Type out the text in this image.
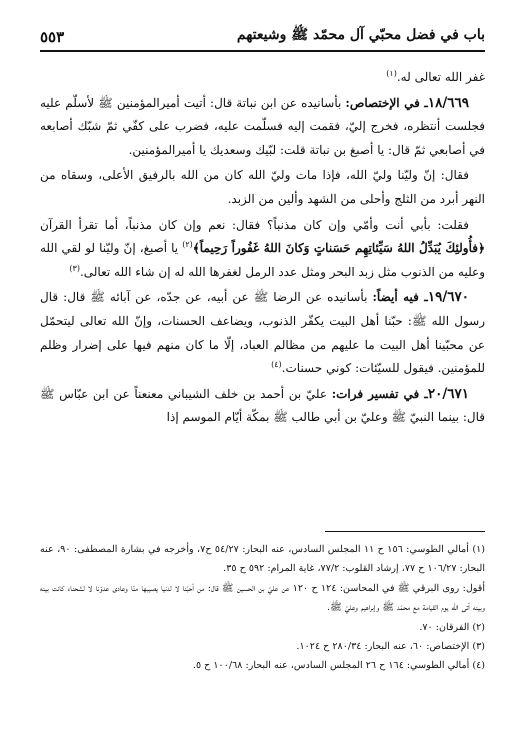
باب في فضل محبّي آل محمّد ﷺ وشيعتهم
٥٥٣

غفر الله تعالى له.$^{(١)}$

١٨/٦٦٩ـ في الإختصاص: بأسانيده عن ابن نباتة قال: أتيت أميرالمؤمنين ﷺ لأسلّم عليه فجلست أنتظره، فخرج إليّ، فقمت إليه فسلّمت عليه، فضرب على كفّي ثمّ شبّك أصابعه في أصابعي ثمّ قال: يا أصبغ بن نباتة قلت: لبّيك وسعديك يا أميرالمؤمنين.

فقال: إنّ وليّنا وليّ الله، فإذا مات وليّ الله كان من الله بالرفيق الأعلى، وسقاه من النهر أبرد من الثلج وأحلى من الشهد وألين من الزبد.

فقلت: بأبي أنت وأمّي وإن كان مذنباً؟ فقال: نعم وإن كان مذنباً، أما تقرأ القرآن ﴿فأُولئِكَ يُبَدِّلُ اللهُ سَيِّئاتِهِم حَسَناتٍ وَكانَ اللهُ غَفُوراً رَحِيماً﴾$^{(٢)}$ يا أصبغ، إنّ وليّنا لو لقي الله وعليه من الذنوب مثل زبد البحر ومثل عدد الرمل لغفرها الله له إن شاء الله تعالى.$^{(٣)}$

١٩/٦٧٠ـ فيه أيضاً: بأسانيده عن الرضا ﷺ عن أبيه، عن جدّه، عن آبائه ﷺ قال: قال رسول الله ﷺ: حبّنا أهل البيت يكفّر الذنوب، ويضاعف الحسنات، وإنّ الله تعالى ليتحمّل عن محبّينا أهل البيت ما عليهم من مظالم العباد، إلّا ما كان منهم فيها على إضرار وظلم للمؤمنين. فيقول للسيّئات: كوني حسنات.$^{(٤)}$

٢٠/٦٧١ـ في تفسير فرات: عليّ بن أحمد بن خلف الشيباني معنعناً عن ابن عبّاس ﷺ قال: بينما النبيّ ﷺ وعليّ بن أبي طالب ﷺ بمكّة أيّام الموسم إذا

(١) أمالي الطوسي: ١٥٦ ح ١١ المجلس السادس، عنه البحار: ٥٤/٢٧ ح٧، وأخرجه في بشارة المصطفى: ٩٠، عنه البحار: ١٠٦/٢٧ ح ٧٧، إرشاد القلوب: ٧٧/٢، غاية المرام: ٥٩٢ ح ٣٥.

أقول: روى البرقي ﷺ في المحاسن: ١٢٤ ح ١٢٠ عن عليّ بن الحسين ﷺ قال: من أحبّنا لا لدنيا يصيبها منّا وعادى عدوّنا لا لشحناء كانت بينه وبينه أتى الله يوم القيامة مع محمّد ﷺ وإبراهيم وعليّ ﷺ.

(٢) الفرقان: ٧٠.

(٣) الإختصاص: ٦٠، عنه البحار: ٢٨٠/٣٤ ح ١٠٢٤.

(٤) أمالي الطوسي: ١٦٤ ح ٢٦ المجلس السادس، عنه البحار: ١٠٠/٦٨ ح ٥.
